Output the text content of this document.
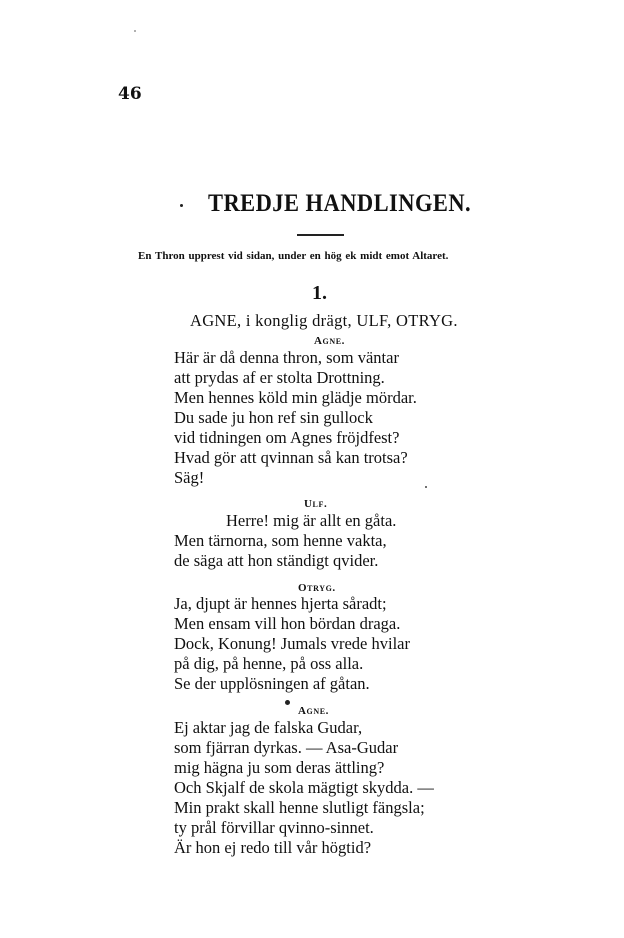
46
TREDJE HANDLINGEN.
En Thron upprest vid sidan, under en hög ek midt emot Altaret.
1.
AGNE, i konglig drägt, ULF, OTRYG.
Agne.
Här är då denna thron, som väntar
att prydas af er stolta Drottning.
Men hennes köld min glädje mördar.
Du sade ju hon ref sin gullock
vid tidningen om Agnes fröjdfest?
Hvad gör att qvinnan så kan trotsa?
Säg!
Ulf.
Herre! mig är allt en gåta.
Men tärnorna, som henne vakta,
de säga att hon ständigt qvider.
Otryg.
Ja, djupt är hennes hjerta såradt;
Men ensam vill hon bördan draga.
Dock, Konung! Jumals vrede hvilar
på dig, på henne, på oss alla.
Se der upplösningen af gåtan.
Agne.
Ej aktar jag de falska Gudar,
som fjärran dyrkas. — Asa-Gudar
mig hägna ju som deras ättling?
Och Skjalf de skola mägtigt skydda. —
Min prakt skall henne slutligt fängsla;
ty prål förvillar qvinno-sinnet.
Är hon ej redo till vår högtid?
